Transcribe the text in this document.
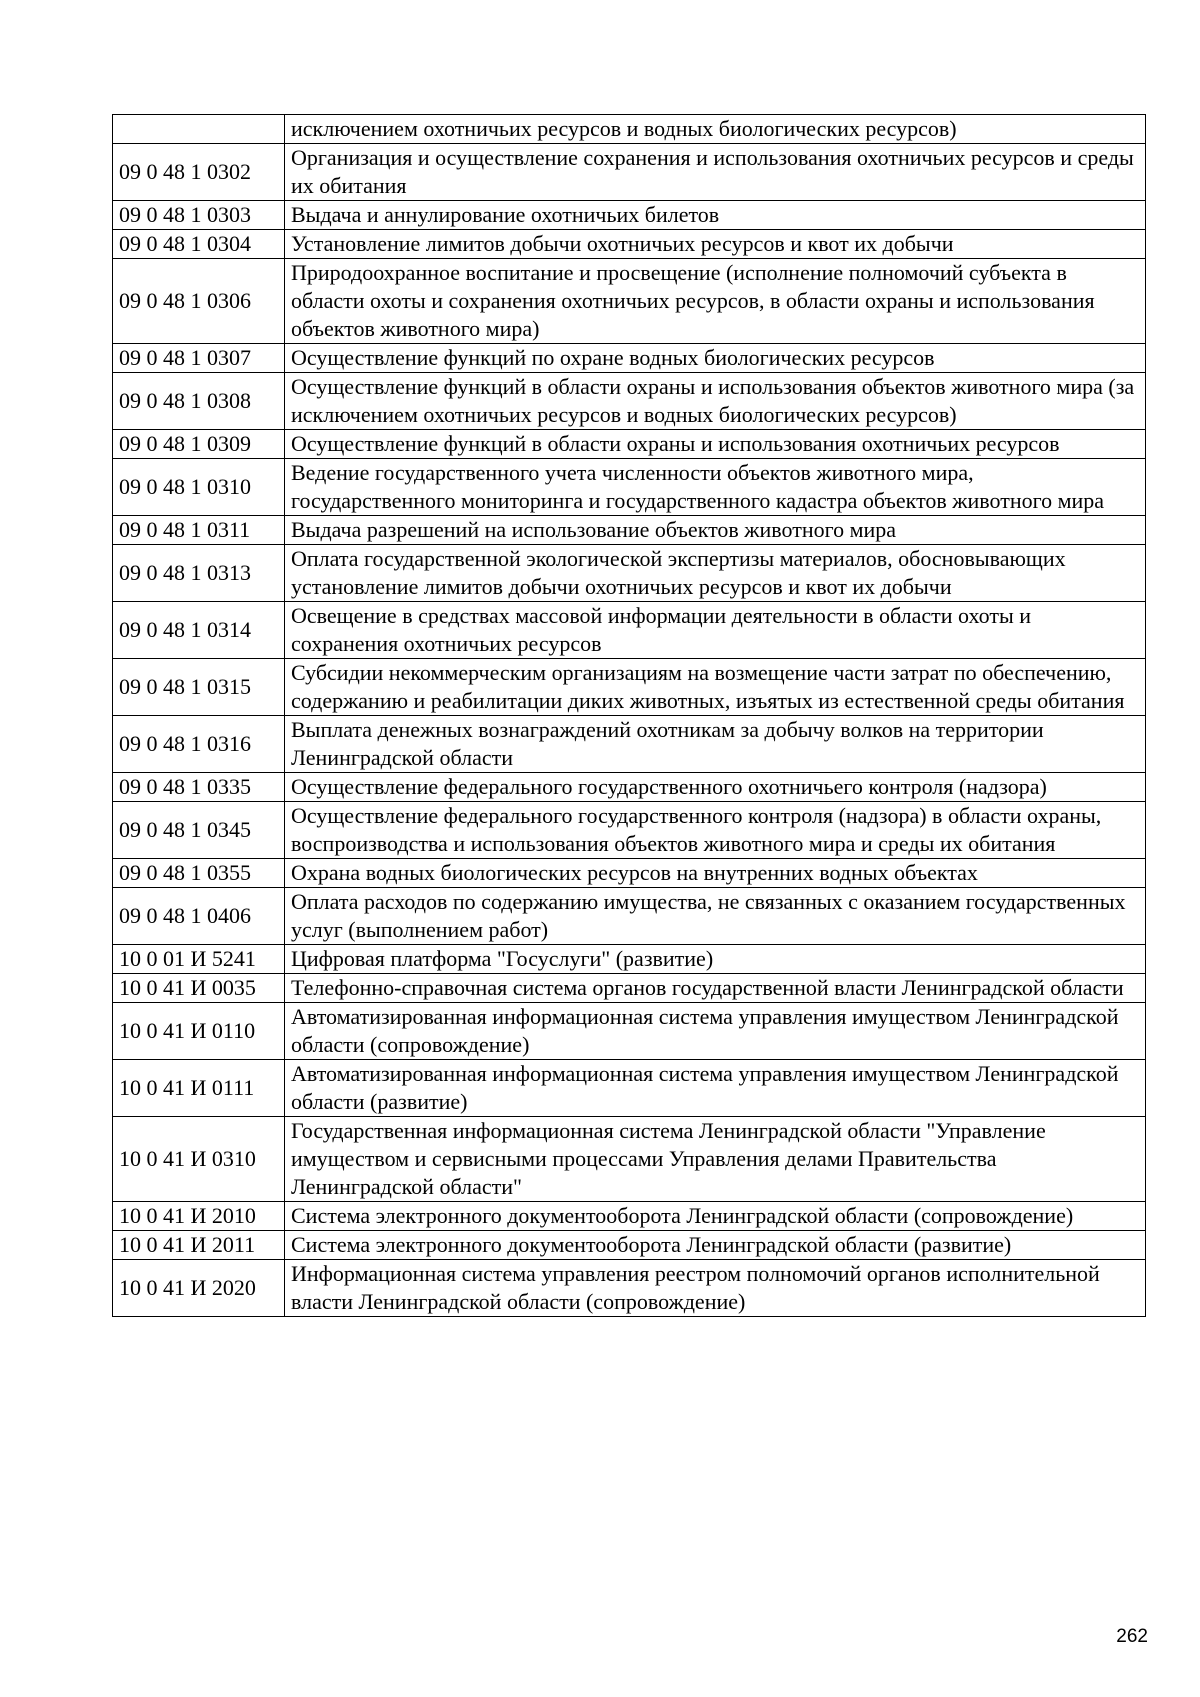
	исключением охотничьих ресурсов и водных биологических ресурсов)
09 0 48 1 0302	Организация и осуществление сохранения и использования охотничьих ресурсов и среды их обитания
09 0 48 1 0303	Выдача и аннулирование охотничьих билетов
09 0 48 1 0304	Установление лимитов добычи охотничьих ресурсов и квот их добычи
09 0 48 1 0306	Природоохранное воспитание и просвещение (исполнение полномочий субъекта в области охоты и сохранения охотничьих ресурсов, в области охраны и использования объектов животного мира)
09 0 48 1 0307	Осуществление функций по охране водных биологических ресурсов
09 0 48 1 0308	Осуществление функций в области охраны и использования объектов животного мира (за исключением охотничьих ресурсов и водных биологических ресурсов)
09 0 48 1 0309	Осуществление функций в области охраны и использования охотничьих ресурсов
09 0 48 1 0310	Ведение государственного учета численности объектов животного мира, государственного мониторинга и государственного кадастра объектов животного мира
09 0 48 1 0311	Выдача разрешений на использование объектов животного мира
09 0 48 1 0313	Оплата государственной экологической экспертизы материалов, обосновывающих установление лимитов добычи охотничьих ресурсов и квот их добычи
09 0 48 1 0314	Освещение в средствах массовой информации деятельности в области охоты и сохранения охотничьих ресурсов
09 0 48 1 0315	Субсидии некоммерческим организациям на возмещение части затрат по обеспечению, содержанию и реабилитации диких животных, изъятых из естественной среды обитания
09 0 48 1 0316	Выплата денежных вознаграждений охотникам за добычу волков на территории Ленинградской области
09 0 48 1 0335	Осуществление федерального государственного охотничьего контроля (надзора)
09 0 48 1 0345	Осуществление федерального государственного контроля (надзора) в области охраны, воспроизводства и использования объектов животного мира и среды их обитания
09 0 48 1 0355	Охрана водных биологических ресурсов на внутренних водных объектах
09 0 48 1 0406	Оплата расходов по содержанию имущества, не связанных с оказанием государственных услуг (выполнением работ)
10 0 01 И 5241	Цифровая платформа "Госуслуги" (развитие)
10 0 41 И 0035	Телефонно-справочная система органов государственной власти Ленинградской области
10 0 41 И 0110	Автоматизированная информационная система управления имуществом Ленинградской области (сопровождение)
10 0 41 И 0111	Автоматизированная информационная система управления имуществом Ленинградской области (развитие)
10 0 41 И 0310	Государственная информационная система Ленинградской области "Управление имуществом и сервисными процессами Управления делами Правительства Ленинградской области"
10 0 41 И 2010	Система электронного документооборота Ленинградской области (сопровождение)
10 0 41 И 2011	Система электронного документооборота Ленинградской области (развитие)
10 0 41 И 2020	Информационная система управления реестром полномочий органов исполнительной власти Ленинградской области (сопровождение)
262
